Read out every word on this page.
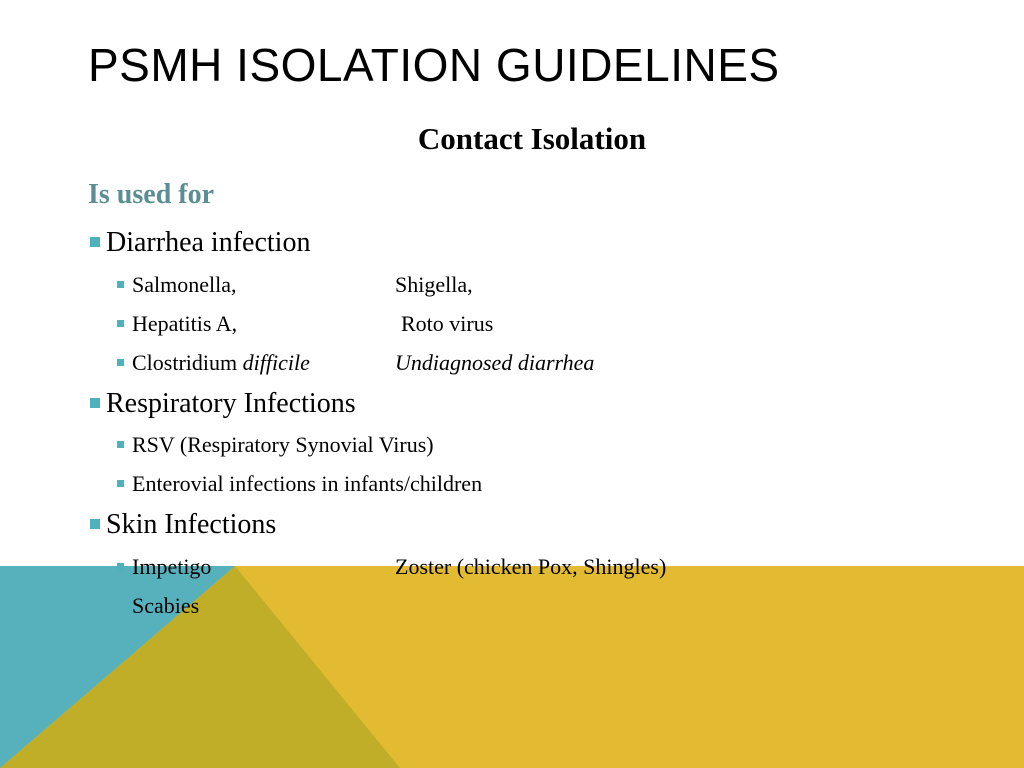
PSMH ISOLATION GUIDELINES
Contact Isolation
Is used for
Diarrhea infection
Salmonella,	Shigella,
Hepatitis A,	Roto virus
Clostridium difficile	Undiagnosed diarrhea
Respiratory Infections
RSV (Respiratory Synovial Virus)
Enterovial infections in infants/children
Skin Infections
Impetigo	Zoster (chicken Pox, Shingles)
Scabies
